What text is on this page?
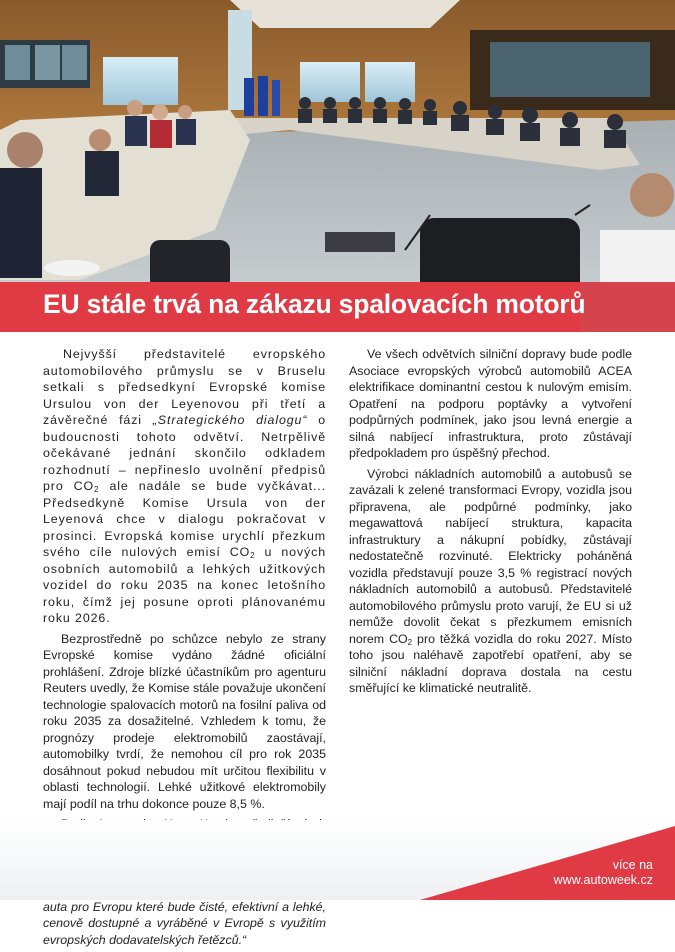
EU stále trvá na zákazu spalovacích motorů

Nejvyšší představitelé evropského automobilového průmyslu se v Bruselu setkali s předsedkyní Evropské komise Ursulou von der Leyenovou při třetí a závěrečné fázi „Strategického dialogu“ o budoucnosti tohoto odvětví. Netrpělivě očekávané jednání skončilo odkladem rozhodnutí – nepřineslo uvolnění předpisů pro $CO_2$ ale nadále se bude vyčkávat... Předsedkyně Komise Ursula von der Leyenová chce v dialogu pokračovat v prosinci. Evropská komise urychlí přezkum svého cíle nulových emisí $CO_2$ u nových osobních automobilů a lehkých užitkových vozidel do roku 2035 na konec letošního roku, čímž jej posune oproti plánovanému roku 2026.

Bezprostředně po schůzce nebylo ze strany Evropské komise vydáno žádné oficiální prohlášení. Zdroje blízké účastníkům pro agenturu Reuters uvedly, že Komise stále považuje ukončení technologie spalovacích motorů na fosilní paliva od roku 2035 za dosažitelné. Vzhledem k tomu, že prognózy prodeje elektromobilů zaostávají, automobilky tvrdí, že nemohou cíl pro rok 2035 dosáhnout pokud nebudou mít určitou flexibilitu v oblasti technologií. Lehké užitkové elektromobily mají podíl na trhu dokonce pouze 8,5 %.

auta pro Evropu které bude čisté, efektivní a lehké, cenově dostupné a vyráběné v Evropě s využitím evropských dodavatelských řetězců.“

Ve všech odvětvích silniční dopravy bude podle Asociace evropských výrobců automobilů ACEA elektrifikace dominantní cestou k nulovým emisím. Opatření na podporu poptávky a vytvoření podpůrných podmínek, jako jsou levná energie a silná nabíjecí infrastruktura, proto zůstávají předpokladem pro úspěšný přechod.

Výrobci nákladních automobilů a autobusů se zavázali k zelené transformaci Evropy, vozidla jsou připravena, ale podpůrné podmínky, jako megawattová nabíjecí struktura, kapacita infrastruktury a nákupní pobídky, zůstávají nedostatečně rozvinuté. Elektricky poháněná vozidla představují pouze 3,5 % registrací nových nákladních automobilů a autobusů. Představitelé automobilového průmyslu proto varují, že EU si už nemůže dovolit čekat s přezkumem emisních norem $CO_2$ pro těžká vozidla do roku 2027. Místo toho jsou naléhavě zapotřebí opatření, aby se silniční nákladní doprava dostala na cestu směřující ke klimatické neutralitě.

více na
www.autoweek.cz
